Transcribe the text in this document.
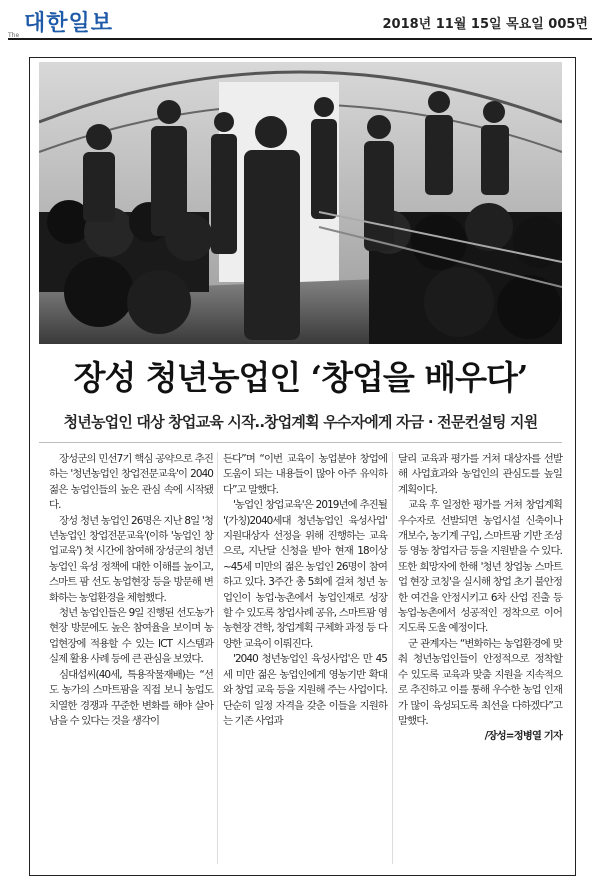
The 대한일보	2018년 11월 15일 목요일 005면
장성 청년농업인 ‘창업을 배우다’
청년농업인 대상 창업교육 시작‥창업계획 우수자에게 자금 · 전문컨설팅 지원

장성군의 민선7기 핵심 공약으로 추진하는 '청년농업인 창업전문교육'이 2040 젊은 농업인들의 높은 관심 속에 시작됐다.

장성 청년 농업인 26명은 지난 8일 '청년농업인 창업전문교육'(이하 '농업인 창업교육') 첫 시간에 참여해 장성군의 청년농업인 육성 정책에 대한 이해를 높이고, 스마트 팜 선도 농업현장 등을 방문해 변화하는 농업환경을 체험했다.

청년 농업인들은 9일 진행된 선도농가 현장 방문에도 높은 참여율을 보이며 농업현장에 적용할 수 있는 ICT 시스템과 실제 활용 사례 등에 큰 관심을 보였다.

심대섭씨(40세, 특용작물재배)는 “선도 농가의 스마트팜을 직접 보니 농업도 치열한 경쟁과 꾸준한 변화를 해야 살아남을 수 있다는 것을 생각이

든다”며 “이번 교육이 농업분야 창업에 도움이 되는 내용들이 많아 아주 유익하다”고 말했다.

'농업인 창업교육'은 2019년에 추진될 '(가칭)2040세대 청년농업인 육성사업' 지원대상자 선정을 위해 진행하는 교육으로, 지난달 신청을 받아 현재 18이상~45세 미만의 젊은 농업인 26명이 참여하고 있다. 3주간 총 5회에 걸쳐 청년 농업인이 농업·농촌에서 농업인재로 성장할 수 있도록 창업사례 공유, 스마트팜 영농현장 견학, 창업계획 구체화 과정 등 다양한 교육이 이뤄진다.

'2040 청년농업인 육성사업'은 만 45세 미만 젊은 농업인에게 영농기반 확대와 창업 교육 등을 지원해 주는 사업이다. 단순히 일정 자격을 갖춘 이들을 지원하는 기존 사업과

달리 교육과 평가를 거쳐 대상자를 선발해 사업효과와 농업인의 관심도를 높일 계획이다.

교육 후 일정한 평가를 거쳐 창업계획 우수자로 선발되면 농업시설 신축이나 개보수, 농기계 구입, 스마트팜 기반 조성 등 영농 창업자금 등을 지원받을 수 있다. 또한 희망자에 한해 '청년 창업농 스마트업 현장 코칭'을 실시해 창업 초기 불안정한 여건을 안정시키고 6차 산업 진출 등 농업·농촌에서 성공적인 정착으로 이어지도록 도울 예정이다.

군 관계자는 “변화하는 농업환경에 맞춰 청년농업인들이 안정적으로 정착할 수 있도록 교육과 맞춤 지원을 지속적으로 추진하고 이를 통해 우수한 농업 인재가 많이 육성되도록 최선을 다하겠다”고 말했다.

/장성=정병열 기자
